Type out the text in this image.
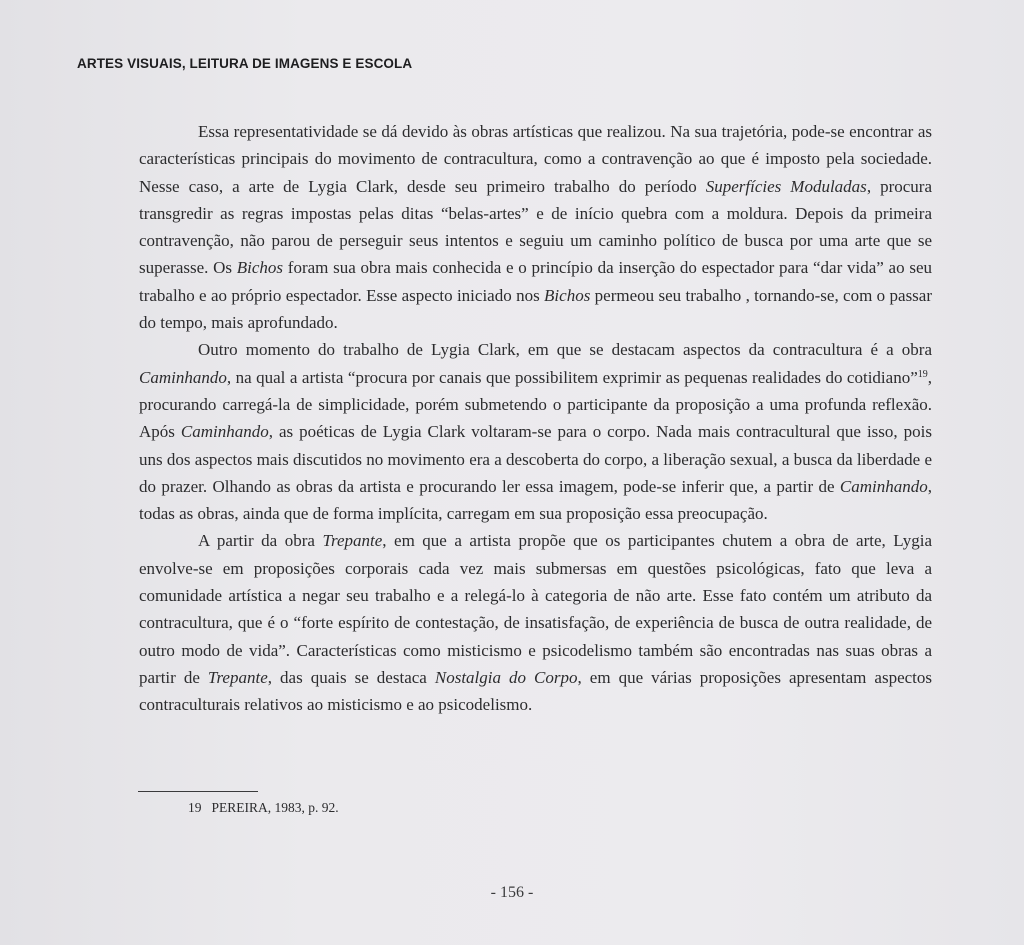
ARTES VISUAIS, LEITURA DE IMAGENS E ESCOLA

Essa representatividade se dá devido às obras artísticas que realizou. Na sua trajetória, pode-se encontrar as características principais do movimento de contracultura, como a contravenção ao que é imposto pela sociedade. Nesse caso, a arte de Lygia Clark, desde seu primeiro trabalho do período Superfícies Moduladas, procura transgredir as regras impostas pelas ditas “belas-artes” e de início quebra com a moldura. Depois da primeira contravenção, não parou de perseguir seus intentos e seguiu um caminho político de busca por uma arte que se superasse. Os Bichos foram sua obra mais conhecida e o princípio da inserção do espectador para “dar vida” ao seu trabalho e ao próprio espectador. Esse aspecto iniciado nos Bichos permeou seu trabalho , tornando-se, com o passar do tempo, mais aprofundado.

Outro momento do trabalho de Lygia Clark, em que se destacam aspectos da contracultura é a obra Caminhando, na qual a artista “procura por canais que possibilitem exprimir as pequenas realidades do cotidiano”$^{19}$, procurando carregá-la de simplicidade, porém submetendo o participante da proposição a uma profunda reflexão. Após Caminhando, as poéticas de Lygia Clark voltaram-se para o corpo. Nada mais contracultural que isso, pois uns dos aspectos mais discutidos no movimento era a descoberta do corpo, a liberação sexual, a busca da liberdade e do prazer. Olhando as obras da artista e procurando ler essa imagem, pode-se inferir que, a partir de Caminhando, todas as obras, ainda que de forma implícita, carregam em sua proposição essa preocupação.

A partir da obra Trepante, em que a artista propõe que os participantes chutem a obra de arte, Lygia envolve-se em proposições corporais cada vez mais submersas em questões psicológicas, fato que leva a comunidade artística a negar seu trabalho e a relegá-lo à categoria de não arte. Esse fato contém um atributo da contracultura, que é o “forte espírito de contestação, de insatisfação, de experiência de busca de outra realidade, de outro modo de vida”. Características como misticismo e psicodelismo também são encontradas nas suas obras a partir de Trepante, das quais se destaca Nostalgia do Corpo, em que várias proposições apresentam aspectos contraculturais relativos ao misticismo e ao psicodelismo.

19 PEREIRA, 1983, p. 92.
- 156 -
